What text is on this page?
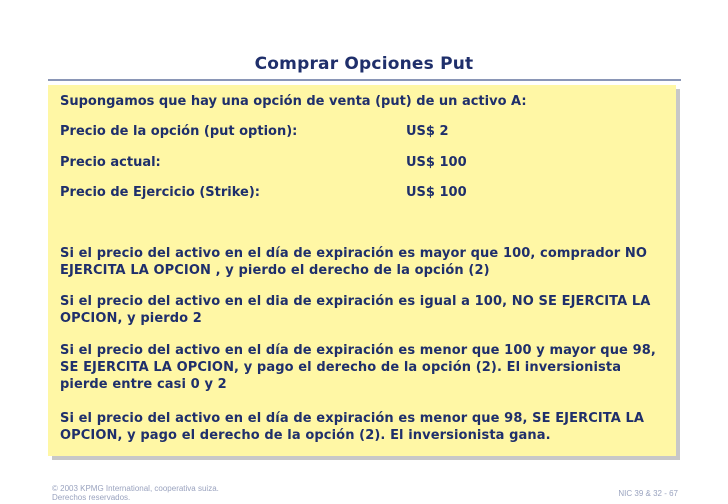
Comprar Opciones Put
Supongamos que hay una opción de venta (put) de un activo A:
Precio de la opción (put option):	US$ 2
Precio actual:	US$ 100
Precio de Ejercicio (Strike):	US$ 100
Si el precio del activo en el día de expiración es mayor que 100, comprador NO EJERCITA LA OPCION , y pierdo el derecho de la opción (2)
Si el precio del activo en el dia de expiración es igual a 100, NO SE EJERCITA LA OPCION, y pierdo 2
Si el precio del activo en el día de expiración es menor que 100 y mayor que 98, SE EJERCITA LA OPCION, y pago el derecho de la opción (2). El inversionista pierde entre casi 0 y 2
Si el precio del activo en el día de expiración es menor que 98, SE EJERCITA LA OPCION, y pago el derecho de la opción (2). El inversionista gana.
© 2003 KPMG International, cooperativa suiza.
Derechos reservados.	NIC 39 & 32 - 67
